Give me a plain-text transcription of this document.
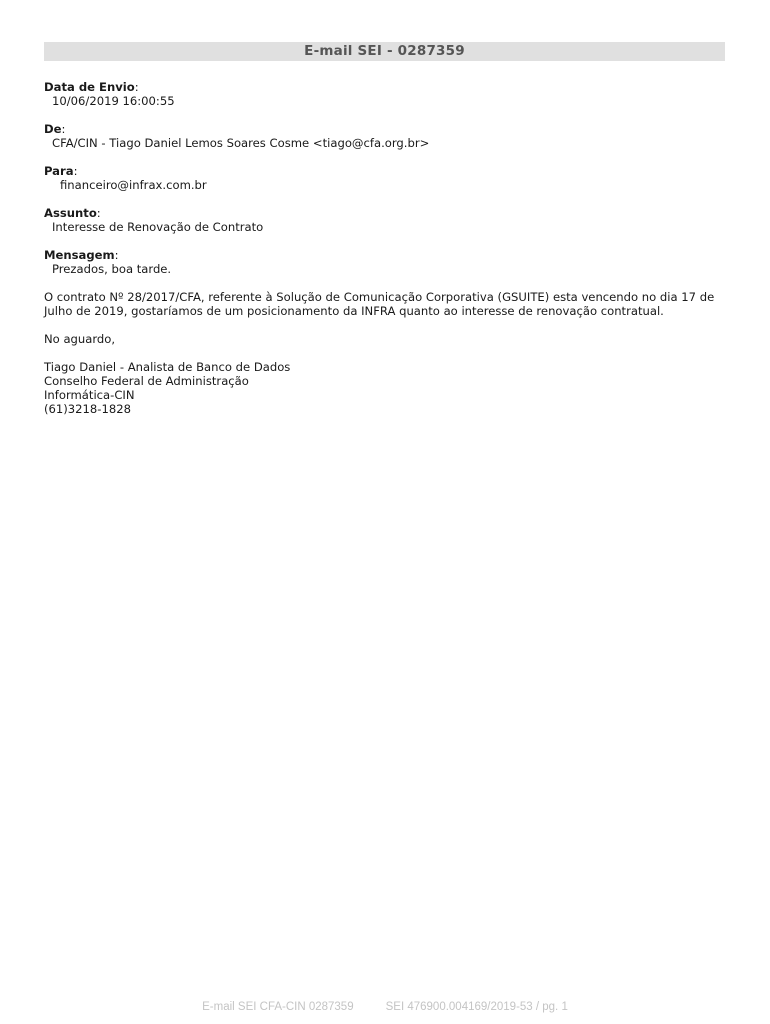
E-mail SEI - 0287359
Data de Envio:
10/06/2019 16:00:55
De:
CFA/CIN - Tiago Daniel Lemos Soares Cosme <tiago@cfa.org.br>
Para:
financeiro@infrax.com.br
Assunto:
Interesse de Renovação de Contrato
Mensagem:
Prezados, boa tarde.
O contrato Nº 28/2017/CFA, referente à Solução de Comunicação Corporativa (GSUITE) esta vencendo no dia 17 de Julho de 2019, gostaríamos de um posicionamento da INFRA quanto ao interesse de renovação contratual.
No aguardo,
Tiago Daniel - Analista de Banco de Dados
Conselho Federal de Administração
Informática-CIN
(61)3218-1828
E-mail SEI CFA-CIN 0287359	SEI 476900.004169/2019-53 / pg. 1
